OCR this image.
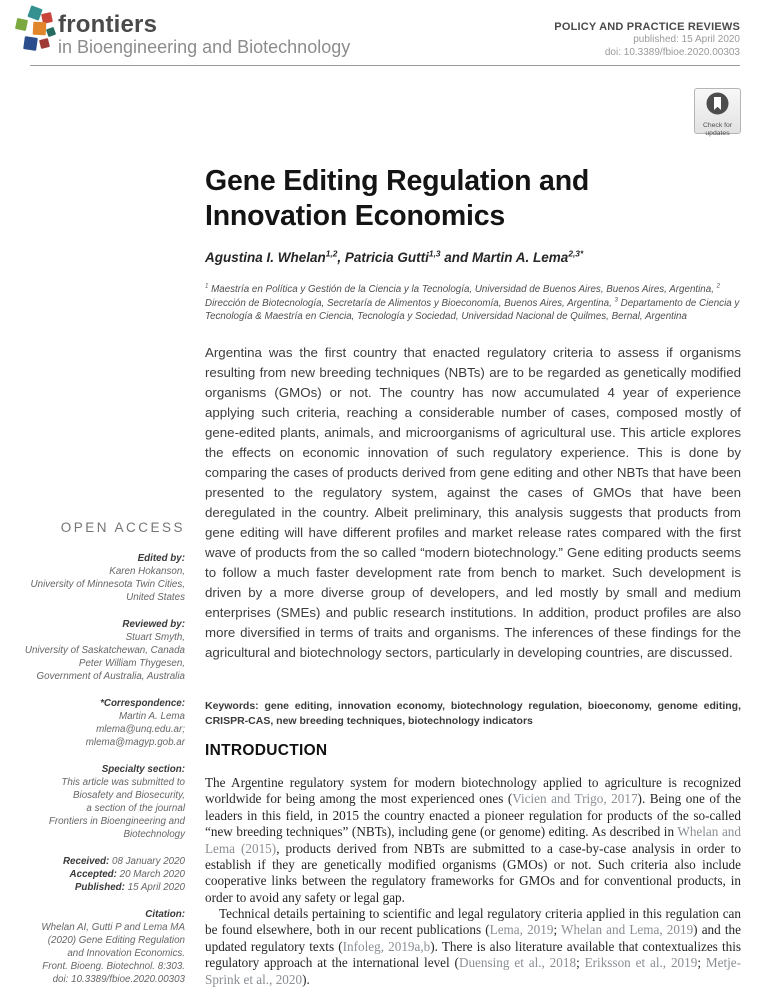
frontiers
in Bioengineering and Biotechnology
POLICY AND PRACTICE REVIEWS
published: 15 April 2020
doi: 10.3389/fbioe.2020.00303
Check for
updates
OPEN ACCESS
Edited by:
Karen Hokanson,
University of Minnesota Twin Cities,
United States
Reviewed by:
Stuart Smyth,
University of Saskatchewan, Canada
Peter William Thygesen,
Government of Australia, Australia
*Correspondence:
Martin A. Lema
mlema@unq.edu.ar;
mlema@magyp.gob.ar
Specialty section:
This article was submitted to
Biosafety and Biosecurity,
a section of the journal
Frontiers in Bioengineering and
Biotechnology
Received: 08 January 2020
Accepted: 20 March 2020
Published: 15 April 2020
Citation:
Whelan AI, Gutti P and Lema MA
(2020) Gene Editing Regulation
and Innovation Economics.
Front. Bioeng. Biotechnol. 8:303.
doi: 10.3389/fbioe.2020.00303
Gene Editing Regulation and
Innovation Economics
Agustina I. Whelan$^{1,2}$, Patricia Gutti$^{1,3}$ and Martin A. Lema$^{2,3*}$
$^1$ Maestría en Política y Gestión de la Ciencia y la Tecnología, Universidad de Buenos Aires, Buenos Aires, Argentina, $^2$ Dirección de Biotecnología, Secretaría de Alimentos y Bioeconomía, Buenos Aires, Argentina, $^3$ Departamento de Ciencia y Tecnología & Maestría en Ciencia, Tecnología y Sociedad, Universidad Nacional de Quilmes, Bernal, Argentina

Argentina was the first country that enacted regulatory criteria to assess if organisms resulting from new breeding techniques (NBTs) are to be regarded as genetically modified organisms (GMOs) or not. The country has now accumulated 4 year of experience applying such criteria, reaching a considerable number of cases, composed mostly of gene-edited plants, animals, and microorganisms of agricultural use. This article explores the effects on economic innovation of such regulatory experience. This is done by comparing the cases of products derived from gene editing and other NBTs that have been presented to the regulatory system, against the cases of GMOs that have been deregulated in the country. Albeit preliminary, this analysis suggests that products from gene editing will have different profiles and market release rates compared with the first wave of products from the so called “modern biotechnology.” Gene editing products seems to follow a much faster development rate from bench to market. Such development is driven by a more diverse group of developers, and led mostly by small and medium enterprises (SMEs) and public research institutions. In addition, product profiles are also more diversified in terms of traits and organisms. The inferences of these findings for the agricultural and biotechnology sectors, particularly in developing countries, are discussed.

Keywords: gene editing, innovation economy, biotechnology regulation, bioeconomy, genome editing, CRISPR-CAS, new breeding techniques, biotechnology indicators

INTRODUCTION

The Argentine regulatory system for modern biotechnology applied to agriculture is recognized worldwide for being among the most experienced ones (Vicien and Trigo, 2017). Being one of the leaders in this field, in 2015 the country enacted a pioneer regulation for products of the so-called “new breeding techniques” (NBTs), including gene (or genome) editing. As described in Whelan and Lema (2015), products derived from NBTs are submitted to a case-by-case analysis in order to establish if they are genetically modified organisms (GMOs) or not. Such criteria also include cooperative links between the regulatory frameworks for GMOs and for conventional products, in order to avoid any safety or legal gap.

Technical details pertaining to scientific and legal regulatory criteria applied in this regulation can be found elsewhere, both in our recent publications (Lema, 2019; Whelan and Lema, 2019) and the updated regulatory texts (Infoleg, 2019a,b). There is also literature available that contextualizes this regulatory approach at the international level (Duensing et al., 2018; Eriksson et al., 2019; Metje-Sprink et al., 2020).
